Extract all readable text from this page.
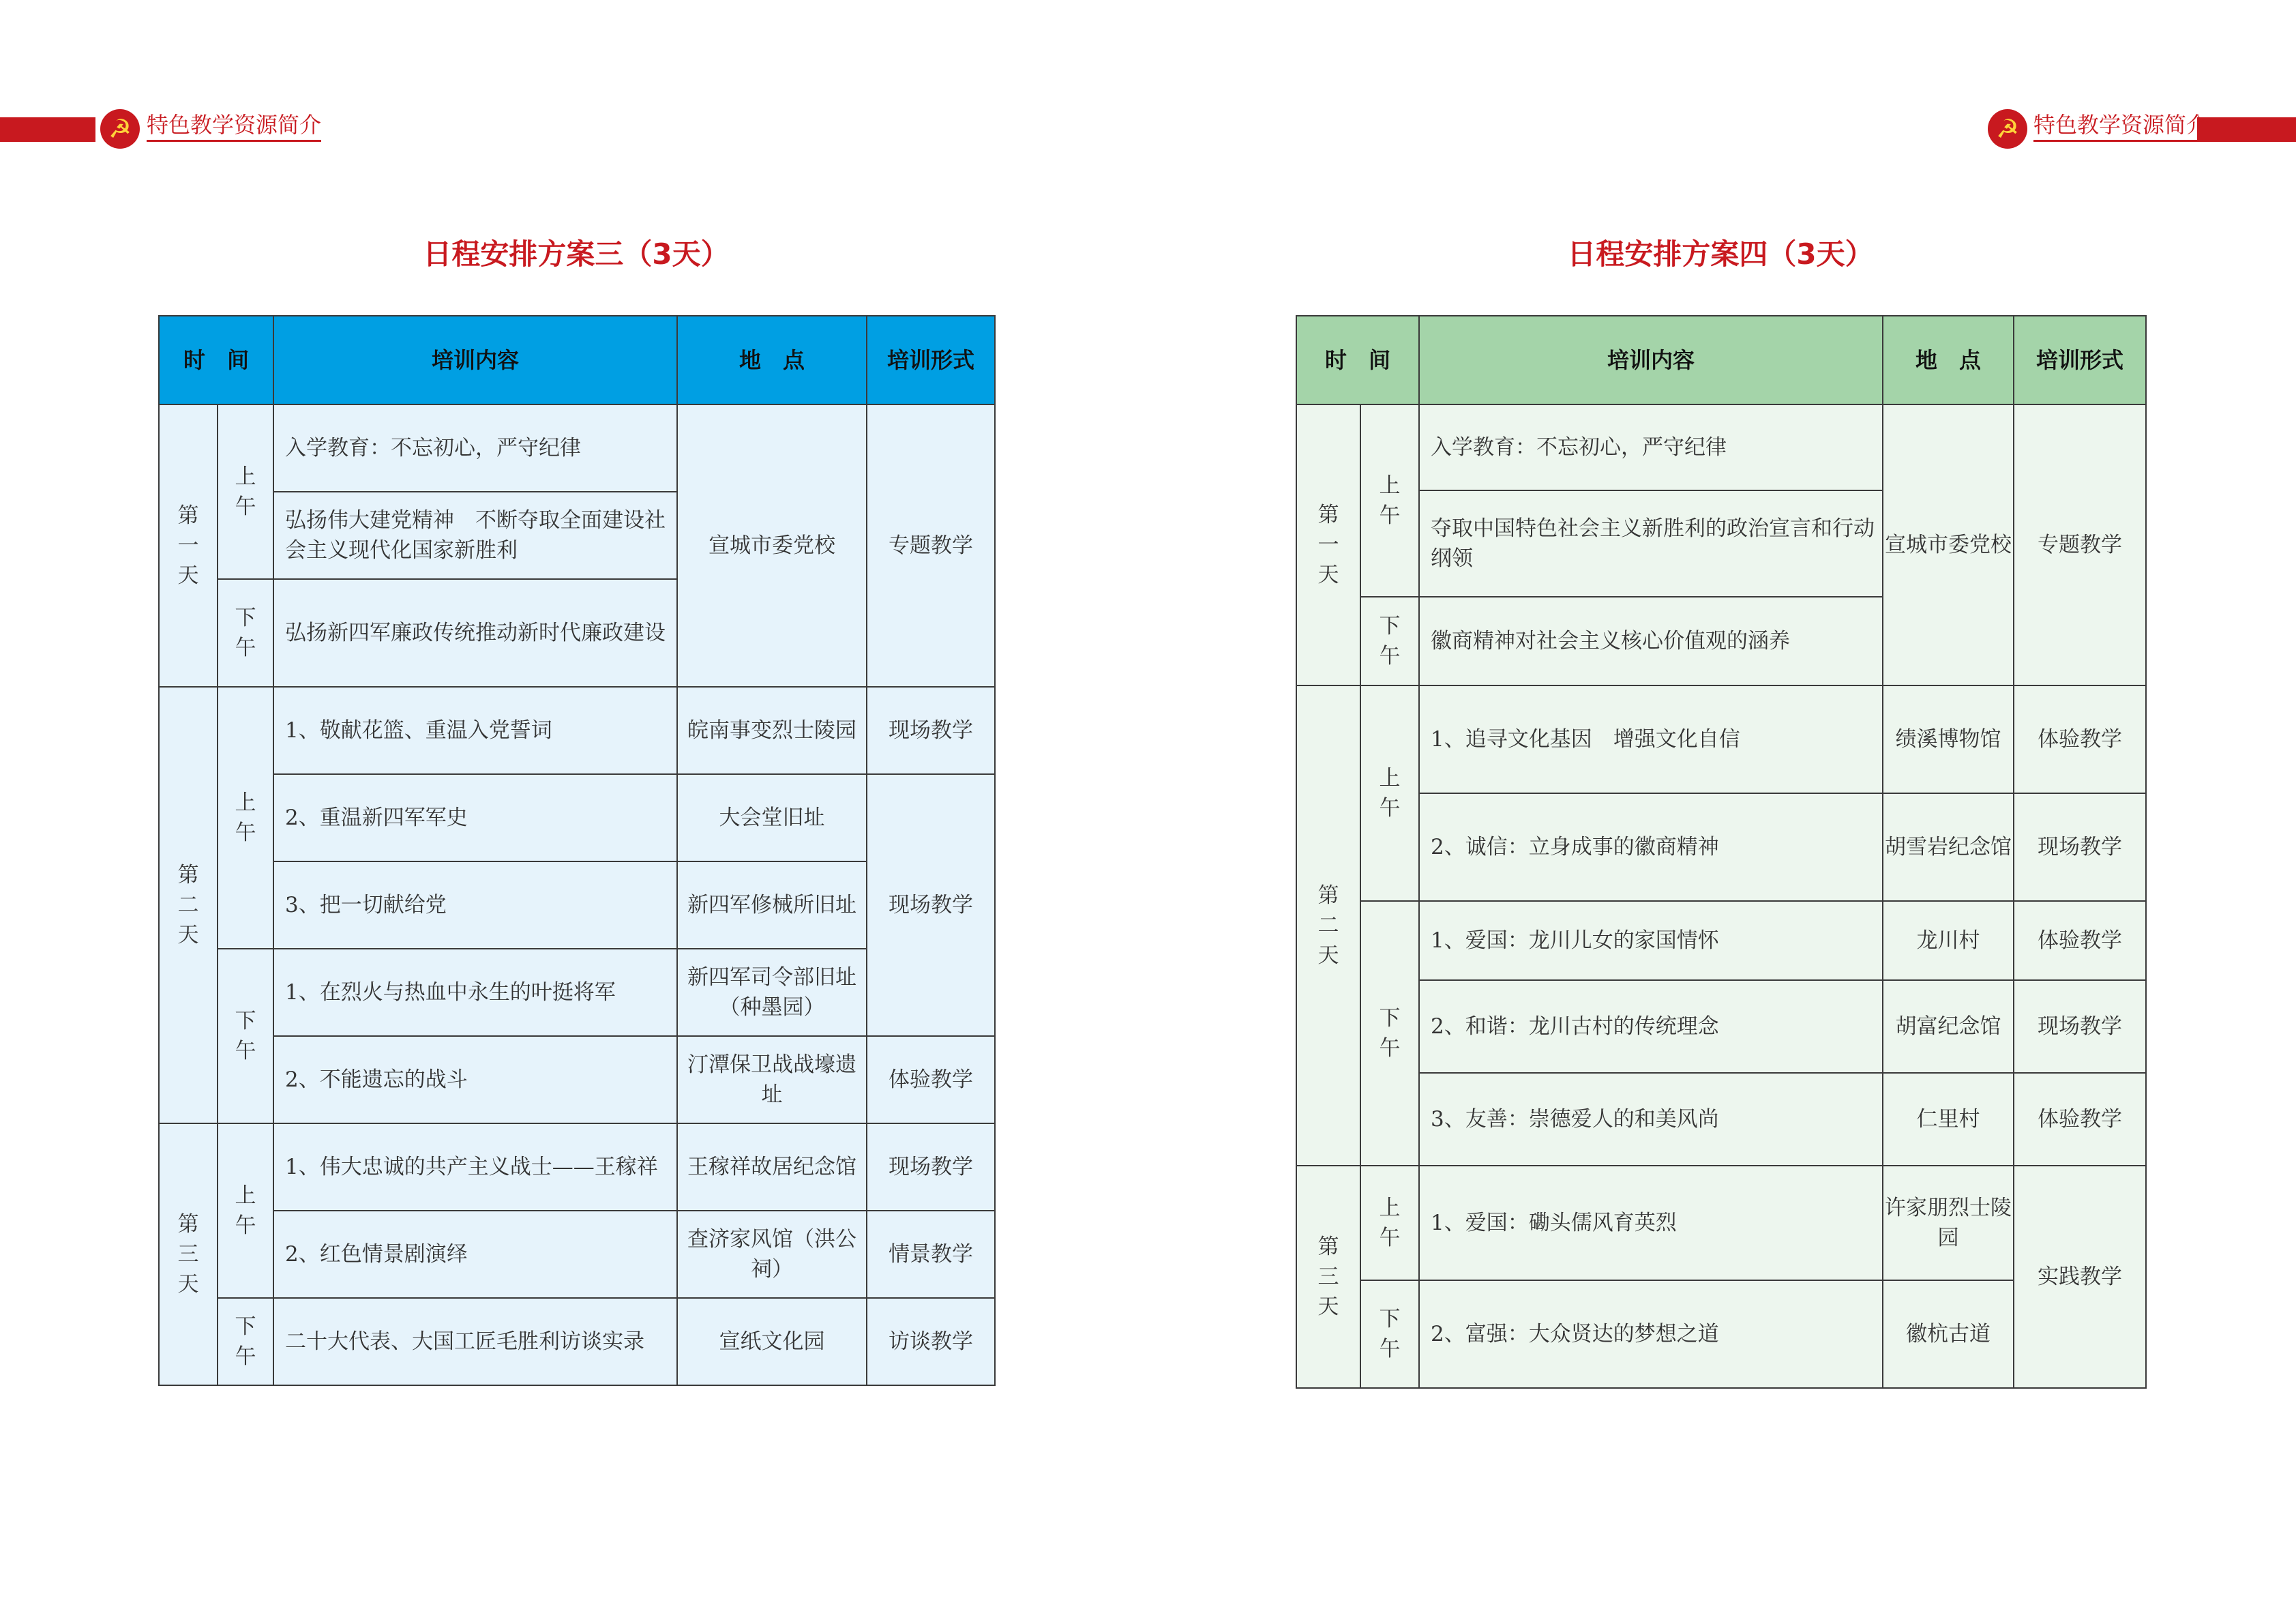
☭ 特色教学资源简介	☭ 特色教学资源简介
日程安排方案三（3天）	日程安排方案四（3天）
时　间		培训内容	地　点	培训形式
第一天	上午	入学教育：不忘初心，严守纪律	宣城市委党校	专题教学
		弘扬伟大建党精神　不断夺取全面建设社会主义现代化国家新胜利		
	下午	弘扬新四军廉政传统推动新时代廉政建设		
第二天	上午	1、敬献花篮、重温入党誓词	皖南事变烈士陵园	现场教学
		2、重温新四军军史	大会堂旧址	现场教学
		3、把一切献给党	新四军修械所旧址	
	下午	1、在烈火与热血中永生的叶挺将军	新四军司令部旧址（种墨园）	
		2、不能遗忘的战斗	汀潭保卫战战壕遗址	体验教学
第三天	上午	1、伟大忠诚的共产主义战士——王稼祥	王稼祥故居纪念馆	现场教学
		2、红色情景剧演绎	查济家风馆（洪公祠）	情景教学
	下午	二十大代表、大国工匠毛胜利访谈实录	宣纸文化园	访谈教学
时　间		培训内容	地　点	培训形式
第一天	上午	入学教育：不忘初心，严守纪律	宣城市委党校	专题教学
		夺取中国特色社会主义新胜利的政治宣言和行动纲领		
	下午	徽商精神对社会主义核心价值观的涵养		
第二天	上午	1、追寻文化基因　增强文化自信	绩溪博物馆	体验教学
		2、诚信：立身成事的徽商精神	胡雪岩纪念馆	现场教学
	下午	1、爱国：龙川儿女的家国情怀	龙川村	体验教学
		2、和谐：龙川古村的传统理念	胡富纪念馆	现场教学
		3、友善：崇德爱人的和美风尚	仁里村	体验教学
第三天	上午	1、爱国：磡头儒风育英烈	许家朋烈士陵园	实践教学
	下午	2、富强：大众贤达的梦想之道	徽杭古道	
